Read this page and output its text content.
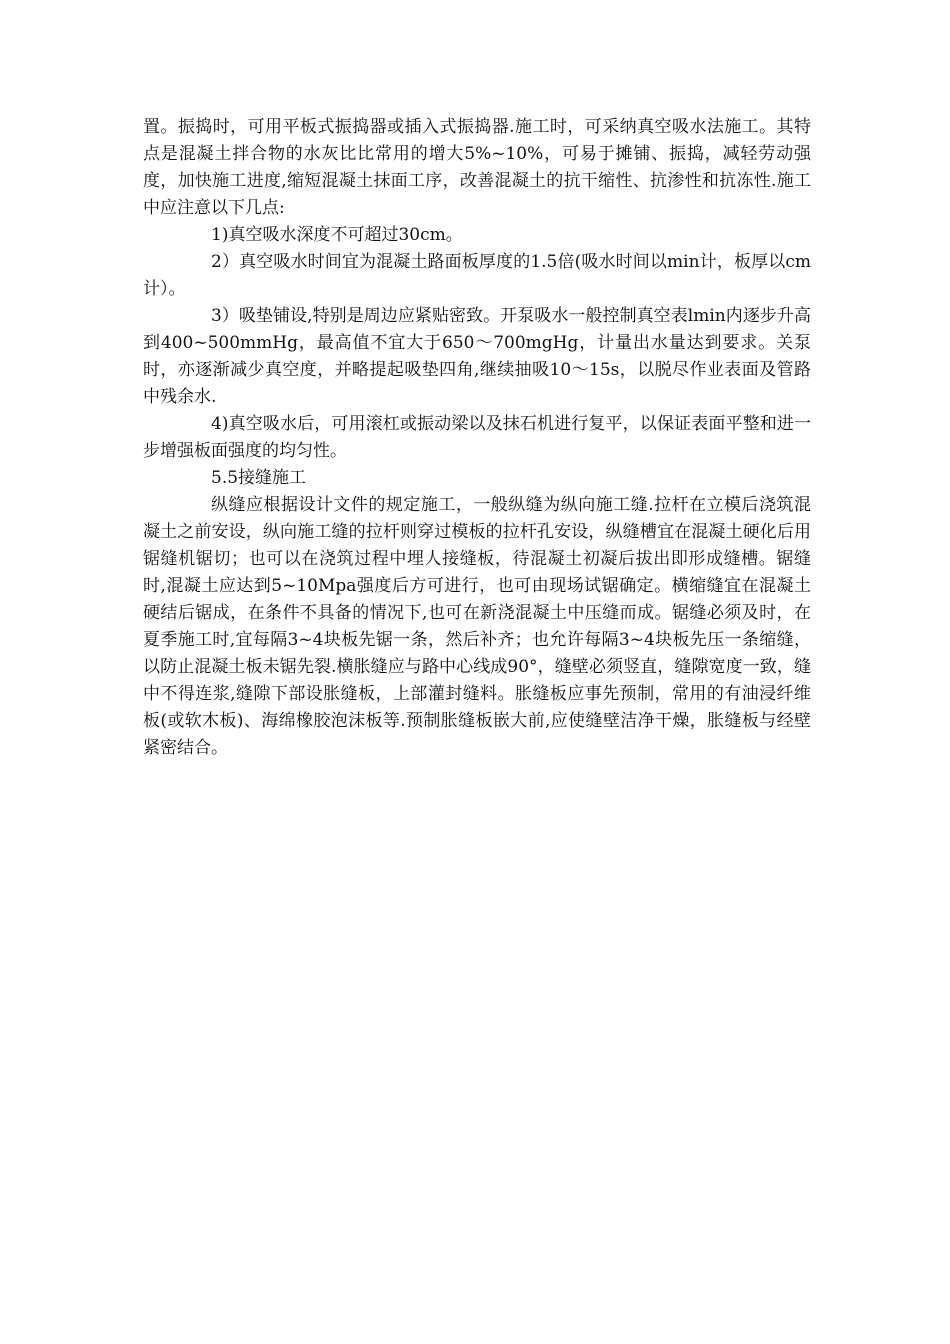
置。振捣时，可用平板式振捣器或插入式振捣器.施工时，可采纳真空吸水法施工。其特点是混凝土拌合物的水灰比比常用的增大5%~10%，可易于摊铺、振捣，减轻劳动强度，加快施工进度,缩短混凝土抹面工序，改善混凝土的抗干缩性、抗渗性和抗冻性.施工中应注意以下几点:

1)真空吸水深度不可超过30cm。

2）真空吸水时间宜为混凝土路面板厚度的1.5倍(吸水时间以min计，板厚以cm计）。

3）吸垫铺设,特别是周边应紧贴密致。开泵吸水一般控制真空表lmin内逐步升高到400~500mmHg，最高值不宜大于650～700mgHg，计量出水量达到要求。关泵时，亦逐渐减少真空度，并略提起吸垫四角,继续抽吸10～15s，以脱尽作业表面及管路中残余水.

4)真空吸水后，可用滚杠或振动梁以及抹石机进行复平，以保证表面平整和进一步增强板面强度的均匀性。

5.5接缝施工

纵缝应根据设计文件的规定施工，一般纵缝为纵向施工缝.拉杆在立模后浇筑混凝土之前安设，纵向施工缝的拉杆则穿过模板的拉杆孔安设，纵缝槽宜在混凝土硬化后用锯缝机锯切；也可以在浇筑过程中埋人接缝板，待混凝土初凝后拔出即形成缝槽。锯缝时,混凝土应达到5~10Mpa强度后方可进行，也可由现场试锯确定。横缩缝宜在混凝土硬结后锯成，在条件不具备的情况下,也可在新浇混凝土中压缝而成。锯缝必须及时，在夏季施工时,宜每隔3~4块板先锯一条，然后补齐；也允许每隔3~4块板先压一条缩缝，以防止混凝土板未锯先裂.横胀缝应与路中心线成90°，缝壁必须竖直，缝隙宽度一致，缝中不得连浆,缝隙下部设胀缝板，上部灌封缝料。胀缝板应事先预制，常用的有油浸纤维板(或软木板)、海绵橡胶泡沫板等.预制胀缝板嵌大前,应使缝壁洁净干燥，胀缝板与经壁紧密结合。
